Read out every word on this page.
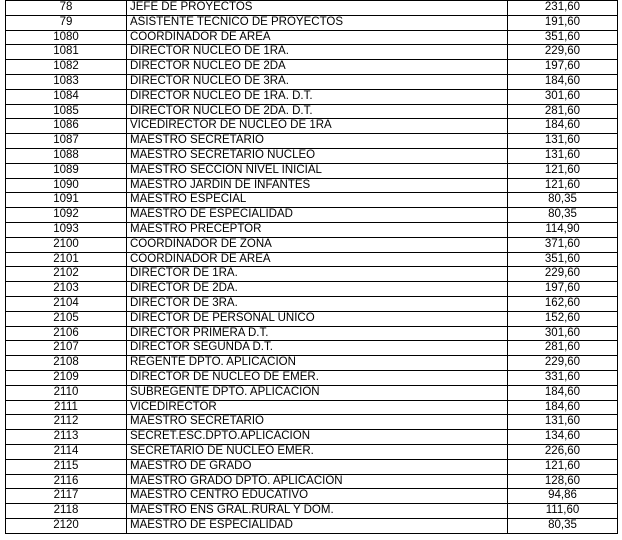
78	JEFE DE PROYECTOS	231,60
79	ASISTENTE TECNICO DE PROYECTOS	191,60
1080	COORDINADOR DE AREA	351,60
1081	DIRECTOR NUCLEO DE 1RA.	229,60
1082	DIRECTOR NUCLEO DE 2DA	197,60
1083	DIRECTOR NUCLEO DE 3RA.	184,60
1084	DIRECTOR NUCLEO DE 1RA. D.T.	301,60
1085	DIRECTOR NUCLEO DE 2DA. D.T.	281,60
1086	VICEDIRECTOR DE NUCLEO DE 1RA	184,60
1087	MAESTRO SECRETARIO	131,60
1088	MAESTRO SECRETARIO NUCLEO	131,60
1089	MAESTRO SECCION NIVEL INICIAL	121,60
1090	MAESTRO JARDIN DE INFANTES	121,60
1091	MAESTRO ESPECIAL	80,35
1092	MAESTRO DE ESPECIALIDAD	80,35
1093	MAESTRO PRECEPTOR	114,90
2100	COORDINADOR DE ZONA	371,60
2101	COORDINADOR DE AREA	351,60
2102	DIRECTOR DE 1RA.	229,60
2103	DIRECTOR DE 2DA.	197,60
2104	DIRECTOR DE 3RA.	162,60
2105	DIRECTOR DE PERSONAL UNICO	152,60
2106	DIRECTOR PRIMERA D.T.	301,60
2107	DIRECTOR SEGUNDA D.T.	281,60
2108	REGENTE DPTO. APLICACION	229,60
2109	DIRECTOR DE NUCLEO DE EMER.	331,60
2110	SUBREGENTE DPTO. APLICACION	184,60
2111	VICEDIRECTOR	184,60
2112	MAESTRO SECRETARIO	131,60
2113	SECRET.ESC.DPTO.APLICACION	134,60
2114	SECRETARIO DE NUCLEO EMER.	226,60
2115	MAESTRO DE GRADO	121,60
2116	MAESTRO GRADO DPTO. APLICACION	128,60
2117	MAESTRO CENTRO EDUCATIVO	94,86
2118	MAESTRO ENS GRAL.RURAL Y DOM.	111,60
2120	MAESTRO DE ESPECIALIDAD	80,35
